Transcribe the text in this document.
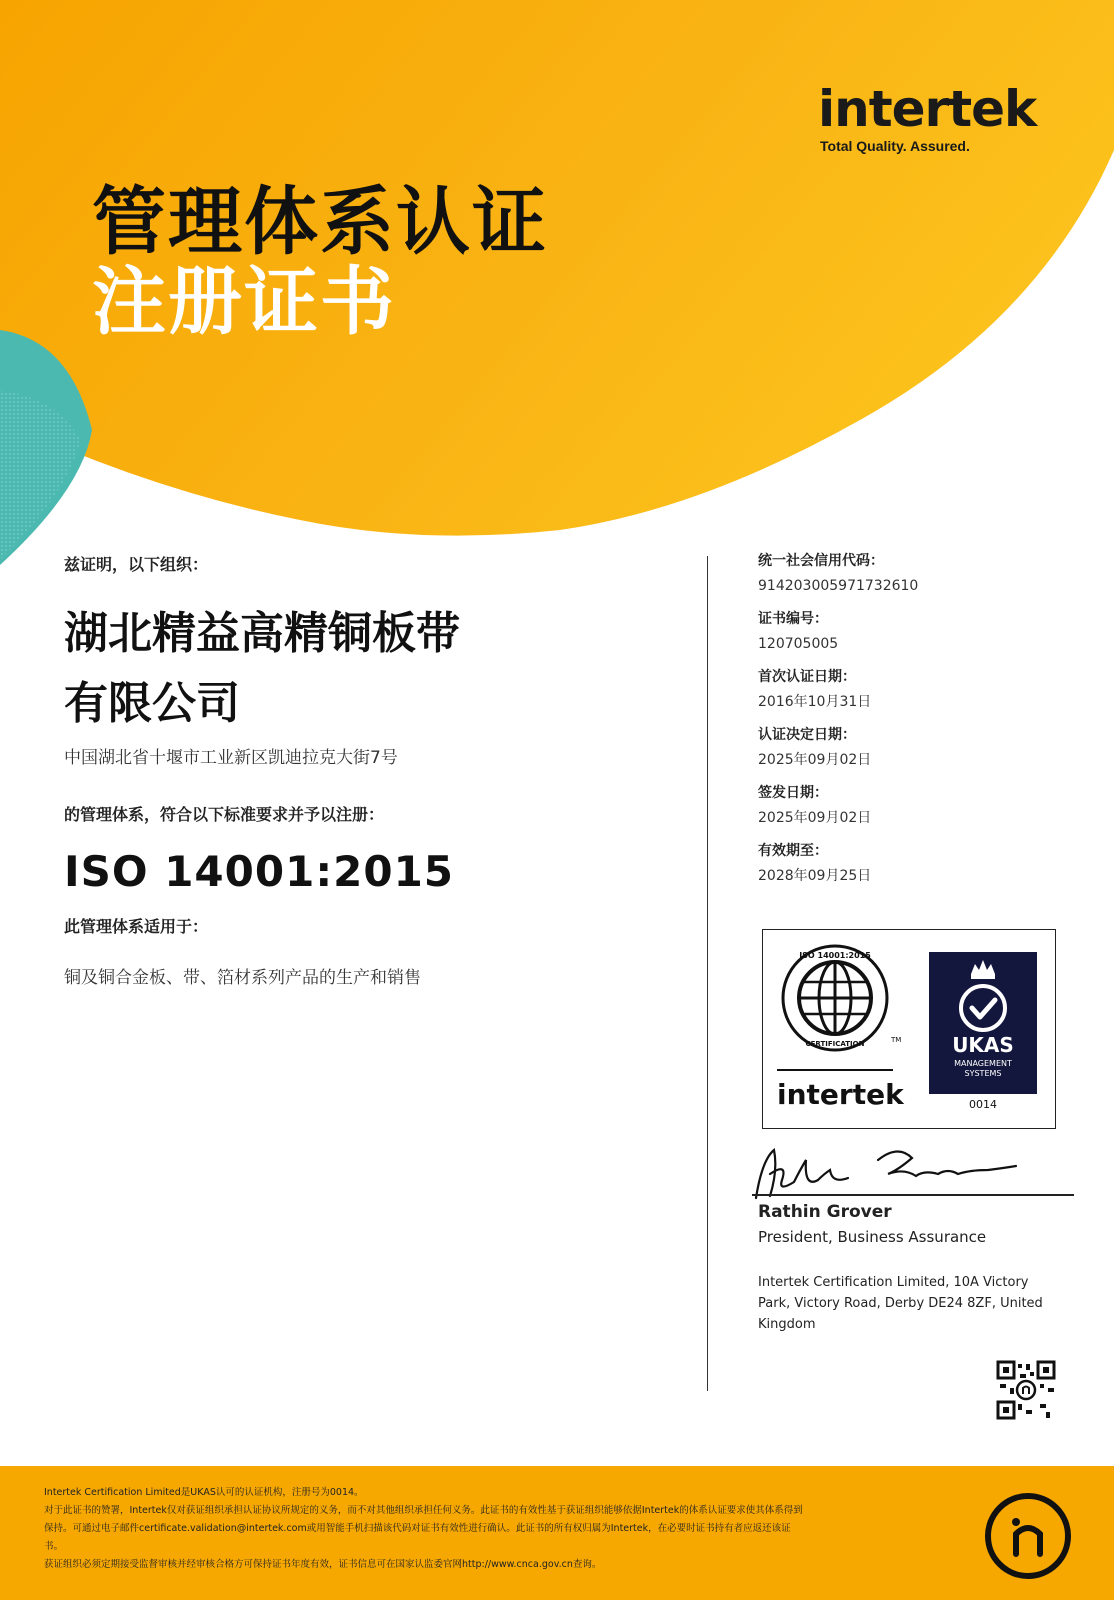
intertek
Total Quality. Assured.
管理体系认证
注册证书
兹证明，以下组织：
湖北精益高精铜板带
有限公司
中国湖北省十堰市工业新区凯迪拉克大街7号
的管理体系，符合以下标准要求并予以注册：
ISO 14001:2015
此管理体系适用于：
铜及铜合金板、带、箔材系列产品的生产和销售
统一社会信用代码：
914203005971732610
证书编号：
120705005
首次认证日期：
2016年10月31日
认证决定日期：
2025年09月02日
签发日期：
2025年09月02日
有效期至：
2028年09月25日
ISO 14001:2015
CERTIFICATION	TM
intertek
UKAS
MANAGEMENT
SYSTEMS
0014
Rathin Grover
President, Business Assurance
Intertek Certification Limited, 10A Victory Park, Victory Road, Derby DE24 8ZF, United Kingdom
Intertek Certification Limited是UKAS认可的认证机构，注册号为0014。
对于此证书的赞署，Intertek仅对获证组织承担认证协议所规定的义务，而不对其他组织承担任何义务。此证书的有效性基于获证组织能够依据Intertek的体系认证要求使其体系得到
保持。可通过电子邮件certificate.validation@intertek.com或用智能手机扫描该代码对证书有效性进行确认。此证书的所有权归属为Intertek，在必要时证书持有者应返还该证
书。
获证组织必须定期接受监督审核并经审核合格方可保持证书年度有效，证书信息可在国家认监委官网http://www.cnca.gov.cn查询。
